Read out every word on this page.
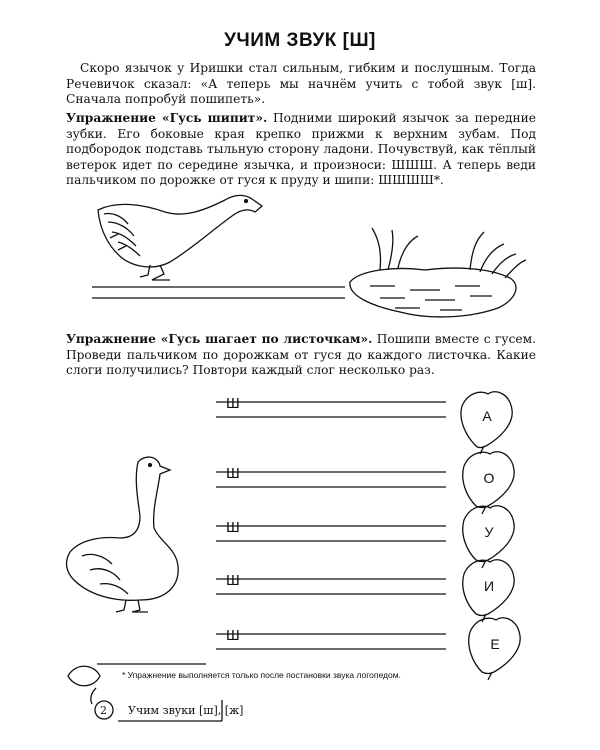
УЧИМ ЗВУК [Ш]

Скоро язычок у Иришки стал сильным, гибким и послушным. Тогда Речевичок сказал: «А теперь мы начнём учить с тобой звук [ш]. Сначала попробуй пошипеть».

Упражнение «Гусь шипит». Подними широкий язычок за передние зубки. Его боковые края крепко прижми к верхним зубам. Под подбородок подставь тыльную сторону ладони. Почувствуй, как тёплый ветерок идет по середине язычка, и произноси: ШШШ. А теперь веди пальчиком по дорожке от гуся к пруду и шипи: ШШШШ*.

Упражнение «Гусь шагает по листочкам». Пошипи вместе с гусем. Проведи пальчиком по дорожкам от гуся до каждого листочка. Какие слоги получились? Повтори каждый слог несколько раз.

Ш
Ш
Ш
Ш
Ш
А
О
У
И
Е
* Упражнение выполняется только после постановки звука логопедом.
2 Учим звуки [ш], [ж]
